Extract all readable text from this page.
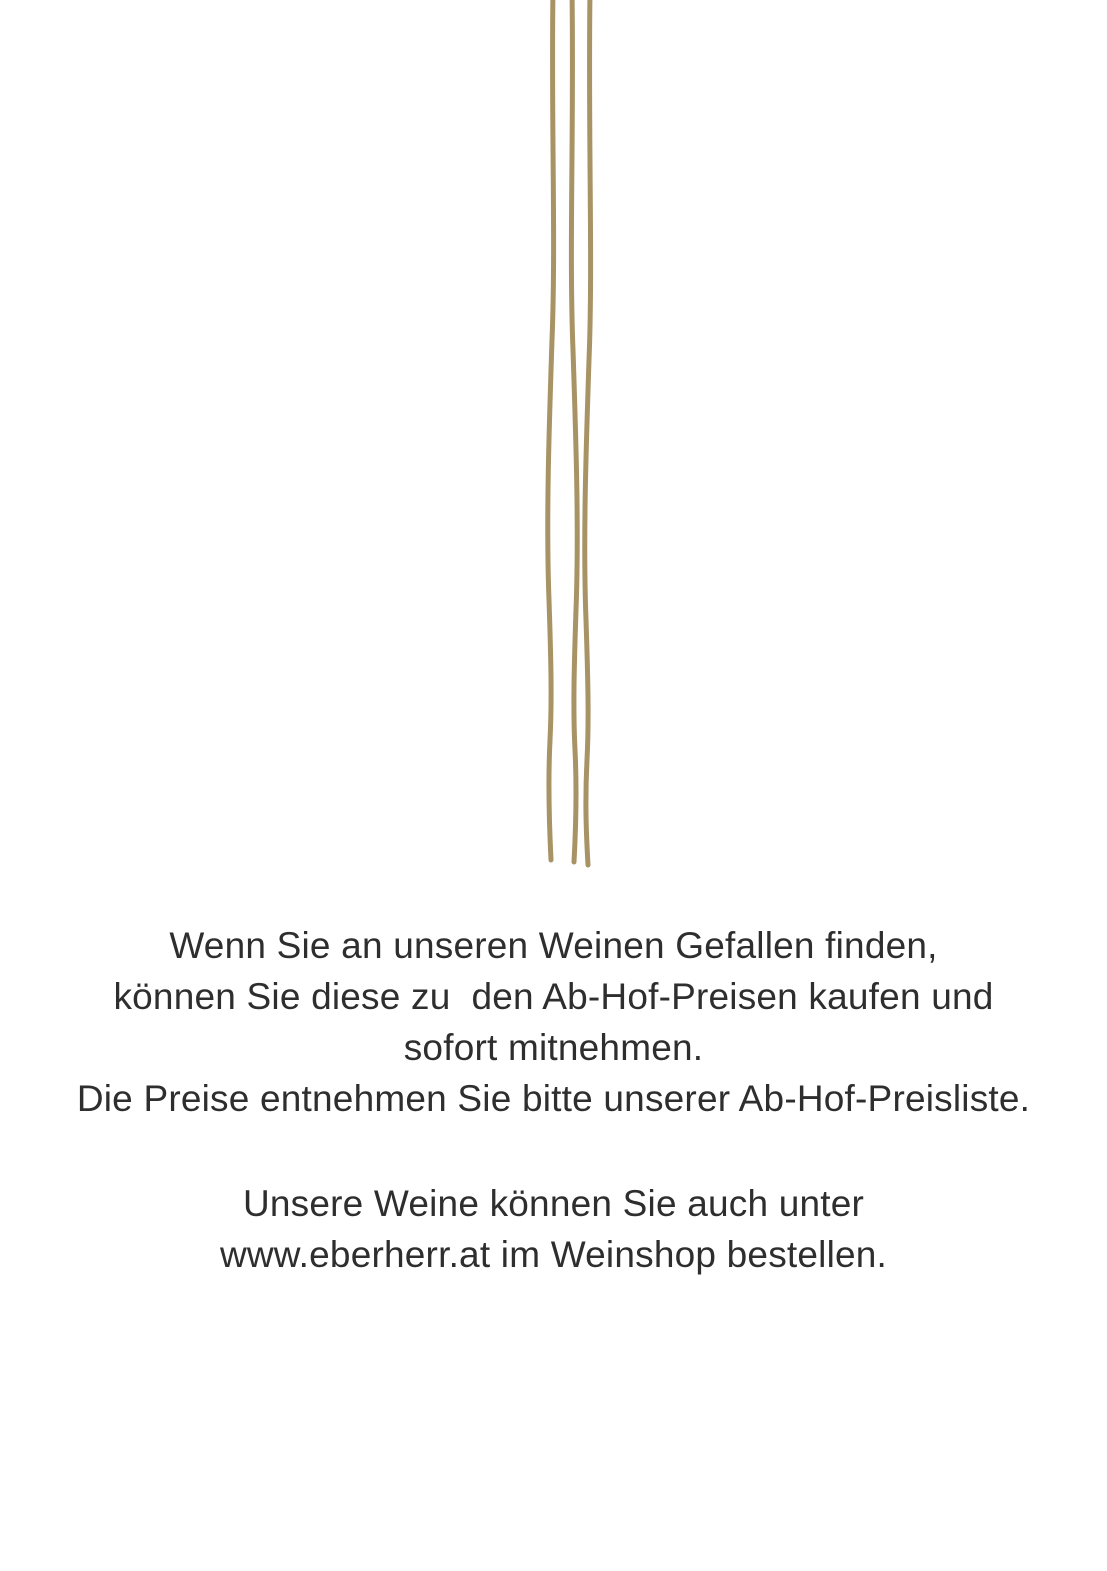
Wenn Sie an unseren Weinen Gefallen finden,
können Sie diese zu  den Ab-Hof-Preisen kaufen und
sofort mitnehmen.
Die Preise entnehmen Sie bitte unserer Ab-Hof-Preisliste.

Unsere Weine können Sie auch unter
www.eberherr.at im Weinshop bestellen.
